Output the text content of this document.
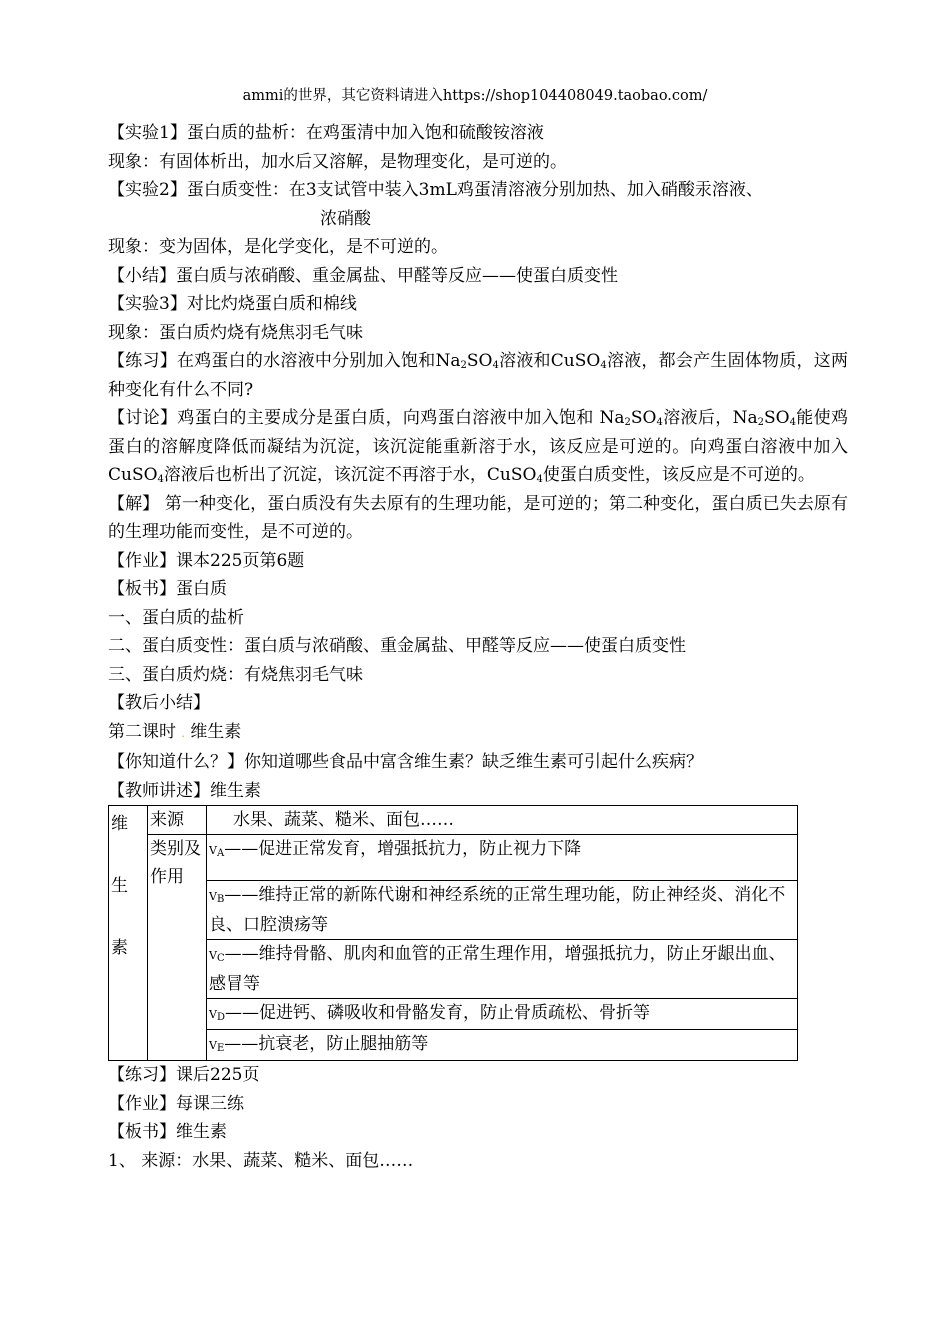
ammi的世界，其它资料请进入https://shop104408049.taobao.com/

【实验1】蛋白质的盐析：在鸡蛋清中加入饱和硫酸铵溶液

现象：有固体析出，加水后又溶解，是物理变化，是可逆的。

【实验2】蛋白质变性：在3支试管中装入3mL鸡蛋清溶液分别加热、加入硝酸汞溶液、

浓硝酸

现象：变为固体，是化学变化，是不可逆的。

【小结】蛋白质与浓硝酸、重金属盐、甲醛等反应——使蛋白质变性

【实验3】对比灼烧蛋白质和棉线

现象：蛋白质灼烧有烧焦羽毛气味

【练习】在鸡蛋白的水溶液中分别加入饱和$Na_2SO_4$溶液和CuSO$_4$溶液，都会产生固体物质，这两种变化有什么不同?

【讨论】鸡蛋白的主要成分是蛋白质，向鸡蛋白溶液中加入饱和 $Na_2SO_4$溶液后，$Na_2SO_4$能使鸡蛋白的溶解度降低而凝结为沉淀，该沉淀能重新溶于水，该反应是可逆的。向鸡蛋白溶液中加入CuSO$_4$溶液后也析出了沉淀，该沉淀不再溶于水，CuSO$_4$使蛋白质变性，该反应是不可逆的。

【解】 第一种变化，蛋白质没有失去原有的生理功能，是可逆的；第二种变化，蛋白质已失去原有的生理功能而变性，是不可逆的。

【作业】课本225页第6题

【板书】蛋白质

一、蛋白质的盐析

二、蛋白质变性：蛋白质与浓硝酸、重金属盐、甲醛等反应——使蛋白质变性

三、蛋白质灼烧：有烧焦羽毛气味

【教后小结】

第二课时 . 维生素

【你知道什么？】你知道哪些食品中富含维生素？缺乏维生素可引起什么疾病？

【教师讲述】维生素

维
生
素	来源	水果、蔬菜、糙米、面包……
	类别及作用	$V_A——$促进正常发育，增强抵抗力，防止视力下降
		$V_B——$维持正常的新陈代谢和神经系统的正常生理功能，防止神经炎、消化不良、口腔溃疡等
		$V_C——$维持骨骼、肌肉和血管的正常生理作用，增强抵抗力，防止牙龈出血、感冒等
		$V_D——$促进钙、磷吸收和骨骼发育，防止骨质疏松、骨折等
		$V_E——$抗衰老，防止腿抽筋等

【练习】课后225页

【作业】每课三练

【板书】维生素

1、 来源：水果、蔬菜、糙米、面包……
